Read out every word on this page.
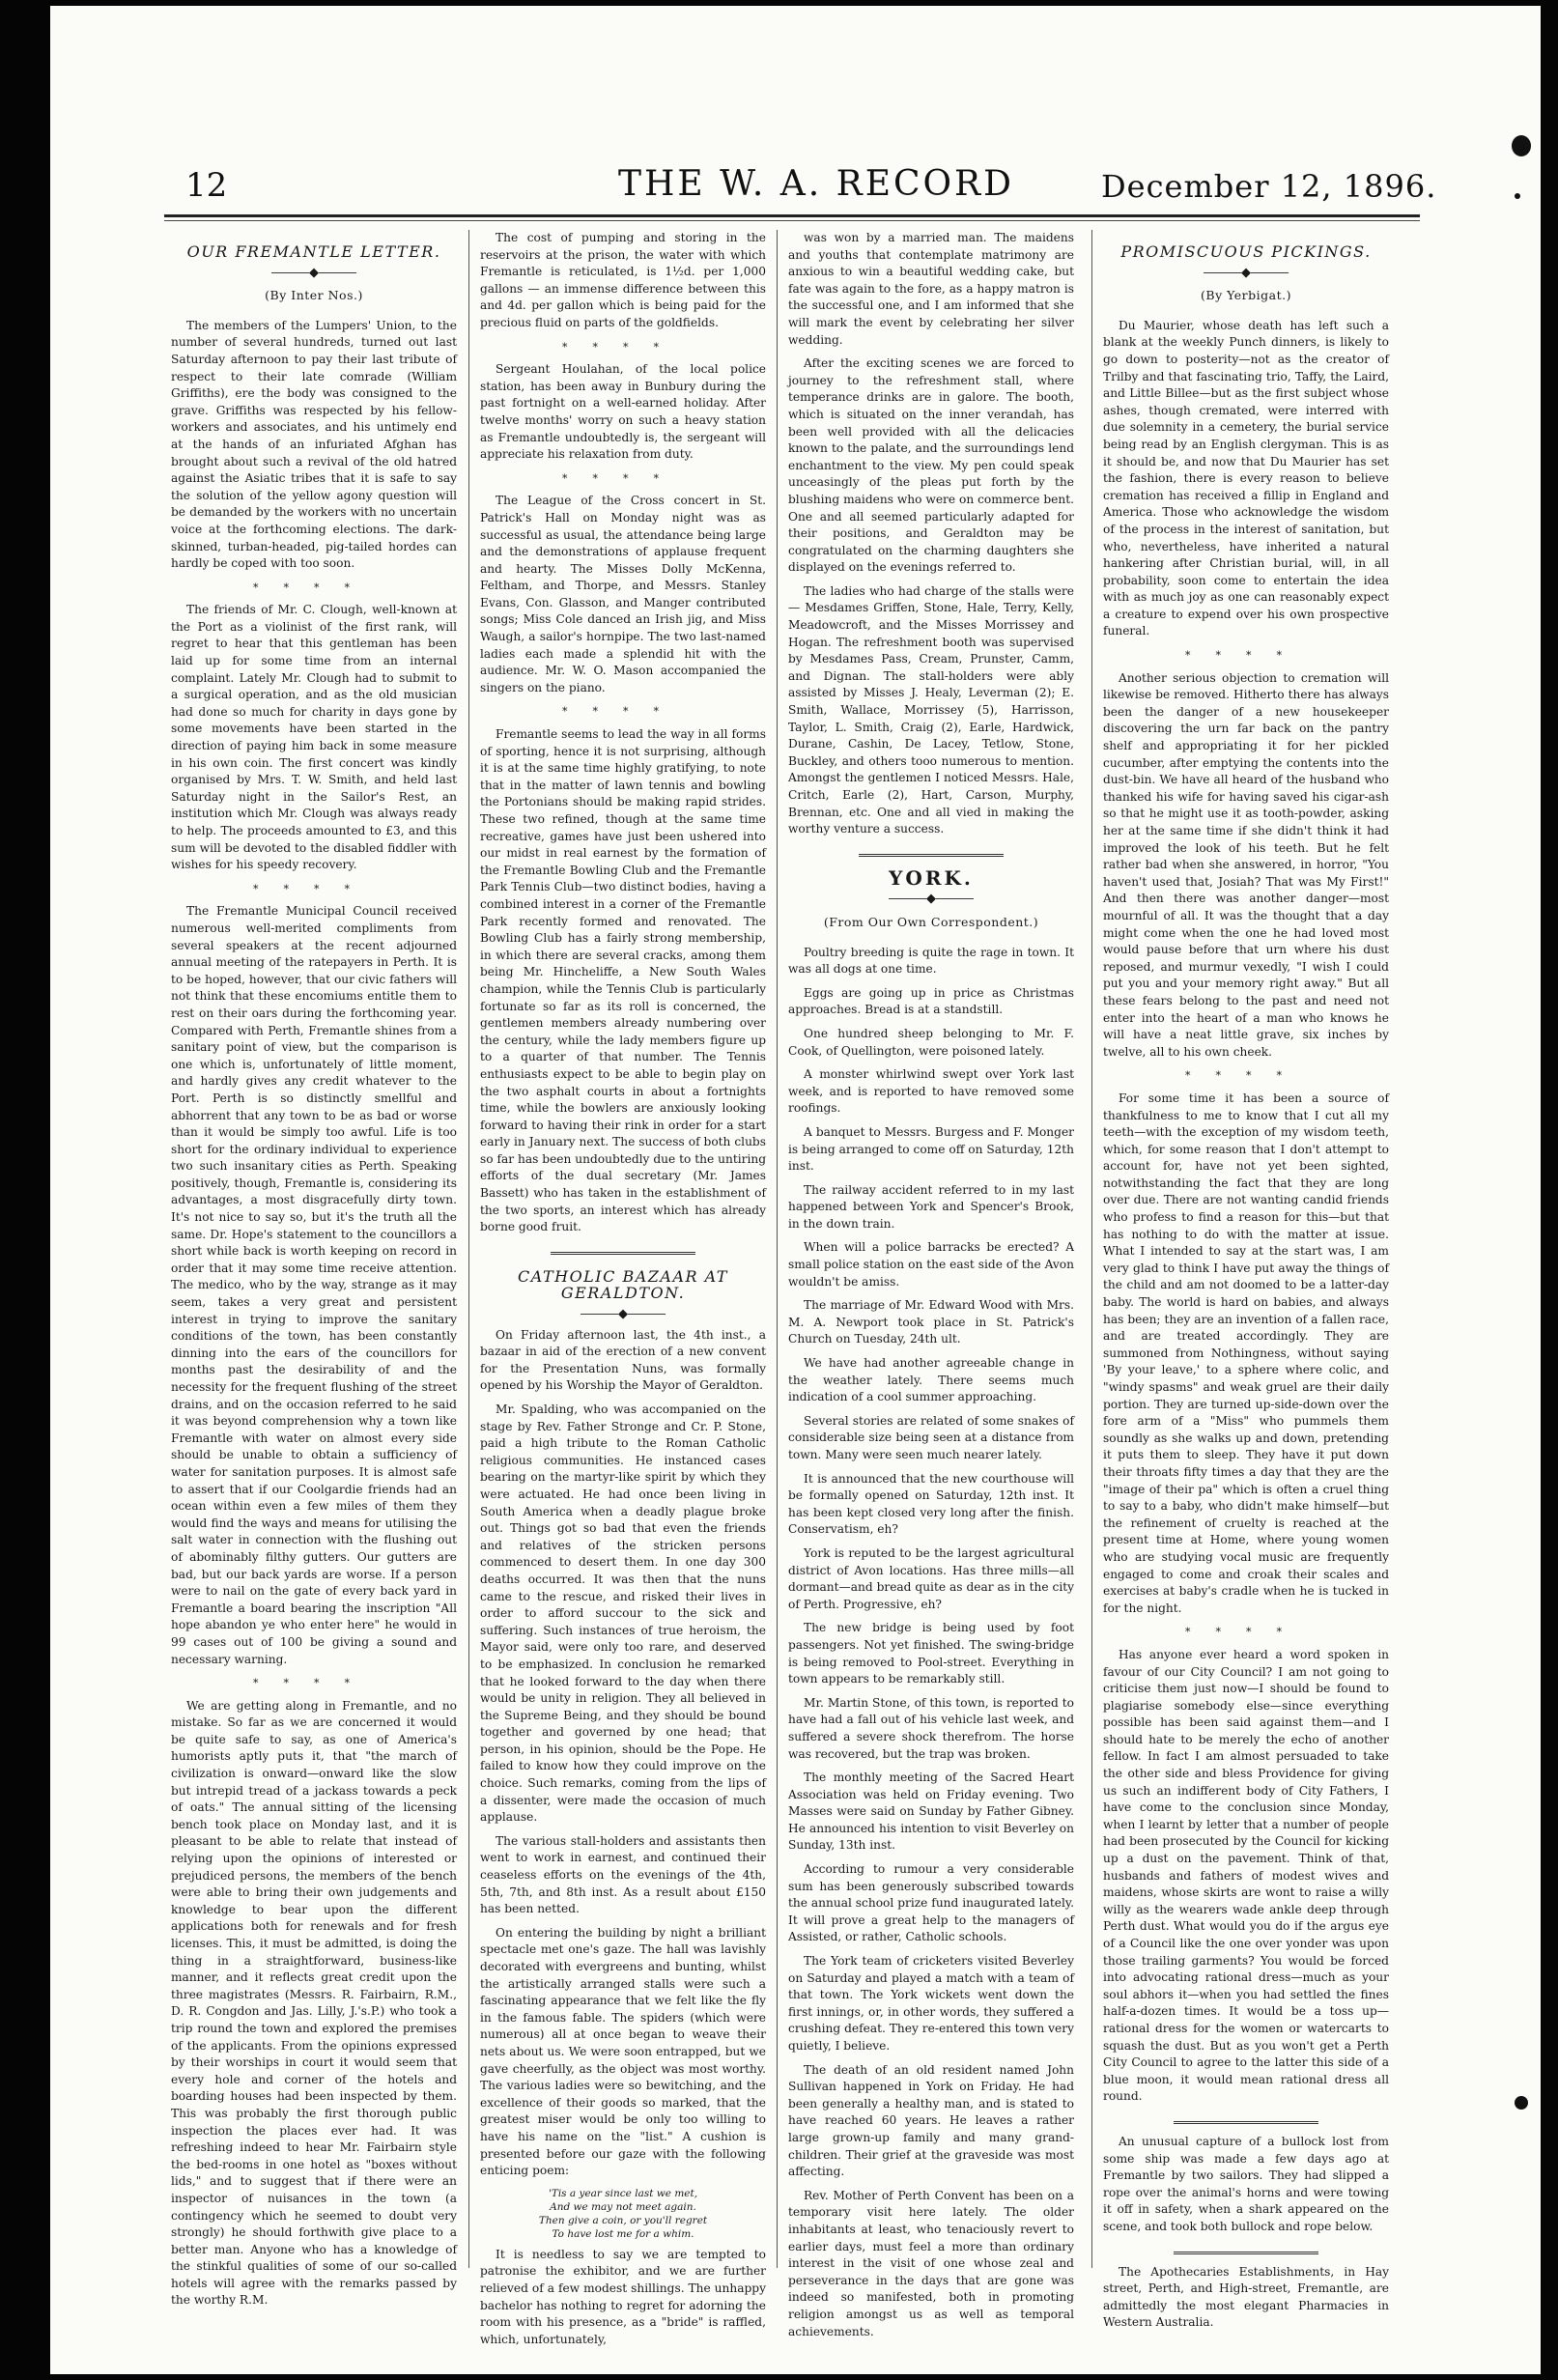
12	THE W. A. RECORD	December 12, 1896.
OUR FREMANTLE LETTER.
―――◆―――
(By Inter Nos.)

The members of the Lumpers' Union, to the number of several hundreds, turned out last Saturday afternoon to pay their last tribute of respect to their late comrade (William Griffiths), ere the body was consigned to the grave. Griffiths was respected by his fellow-workers and associates, and his untimely end at the hands of an infuriated Afghan has brought about such a revival of the old hatred against the Asiatic tribes that it is safe to say the solution of the yellow agony question will be demanded by the workers with no uncertain voice at the forthcoming elections. The dark-skinned, turban-headed, pig-tailed hordes can hardly be coped with too soon.

****

The friends of Mr. C. Clough, well-known at the Port as a violinist of the first rank, will regret to hear that this gentleman has been laid up for some time from an internal complaint. Lately Mr. Clough had to submit to a surgical operation, and as the old musician had done so much for charity in days gone by some movements have been started in the direction of paying him back in some measure in his own coin. The first concert was kindly organised by Mrs. T. W. Smith, and held last Saturday night in the Sailor's Rest, an institution which Mr. Clough was always ready to help. The proceeds amounted to £3, and this sum will be devoted to the disabled fiddler with wishes for his speedy recovery.

****

The Fremantle Municipal Council received numerous well-merited compliments from several speakers at the recent adjourned annual meeting of the ratepayers in Perth. It is to be hoped, however, that our civic fathers will not think that these encomiums entitle them to rest on their oars during the forthcoming year. Compared with Perth, Fremantle shines from a sanitary point of view, but the comparison is one which is, unfortunately of little moment, and hardly gives any credit whatever to the Port. Perth is so distinctly smellful and abhorrent that any town to be as bad or worse than it would be simply too awful. Life is too short for the ordinary individual to experience two such insanitary cities as Perth. Speaking positively, though, Fremantle is, considering its advantages, a most disgracefully dirty town. It's not nice to say so, but it's the truth all the same. Dr. Hope's statement to the councillors a short while back is worth keeping on record in order that it may some time receive attention. The medico, who by the way, strange as it may seem, takes a very great and persistent interest in trying to improve the sanitary conditions of the town, has been constantly dinning into the ears of the councillors for months past the desirability of and the necessity for the frequent flushing of the street drains, and on the occasion referred to he said it was beyond comprehension why a town like Fremantle with water on almost every side should be unable to obtain a sufficiency of water for sanitation purposes. It is almost safe to assert that if our Coolgardie friends had an ocean within even a few miles of them they would find the ways and means for utilising the salt water in connection with the flushing out of abominably filthy gutters. Our gutters are bad, but our back yards are worse. If a person were to nail on the gate of every back yard in Fremantle a board bearing the inscription "All hope abandon ye who enter here" he would in 99 cases out of 100 be giving a sound and necessary warning.

****

We are getting along in Fremantle, and no mistake. So far as we are concerned it would be quite safe to say, as one of America's humorists aptly puts it, that "the march of civilization is onward—onward like the slow but intrepid tread of a jackass towards a peck of oats." The annual sitting of the licensing bench took place on Monday last, and it is pleasant to be able to relate that instead of relying upon the opinions of interested or prejudiced persons, the members of the bench were able to bring their own judgements and knowledge to bear upon the different applications both for renewals and for fresh licenses. This, it must be admitted, is doing the thing in a straightforward, business-like manner, and it reflects great credit upon the three magistrates (Messrs. R. Fairbairn, R.M., D. R. Congdon and Jas. Lilly, J.'s.P.) who took a trip round the town and explored the premises of the applicants. From the opinions expressed by their worships in court it would seem that every hole and corner of the hotels and boarding houses had been inspected by them. This was probably the first thorough public inspection the places ever had. It was refreshing indeed to hear Mr. Fairbairn style the bed-rooms in one hotel as "boxes without lids," and to suggest that if there were an inspector of nuisances in the town (a contingency which he seemed to doubt very strongly) he should forthwith give place to a better man. Anyone who has a knowledge of the stinkful qualities of some of our so-called hotels will agree with the remarks passed by the worthy R.M.

The cost of pumping and storing in the reservoirs at the prison, the water with which Fremantle is reticulated, is 1½d. per 1,000 gallons — an immense difference between this and 4d. per gallon which is being paid for the precious fluid on parts of the goldfields.

****

Sergeant Houlahan, of the local police station, has been away in Bunbury during the past fortnight on a well-earned holiday. After twelve months' worry on such a heavy station as Fremantle undoubtedly is, the sergeant will appreciate his relaxation from duty.

****

The League of the Cross concert in St. Patrick's Hall on Monday night was as successful as usual, the attendance being large and the demonstrations of applause frequent and hearty. The Misses Dolly McKenna, Feltham, and Thorpe, and Messrs. Stanley Evans, Con. Glasson, and Manger contributed songs; Miss Cole danced an Irish jig, and Miss Waugh, a sailor's hornpipe. The two last-named ladies each made a splendid hit with the audience. Mr. W. O. Mason accompanied the singers on the piano.

****

Fremantle seems to lead the way in all forms of sporting, hence it is not surprising, although it is at the same time highly gratifying, to note that in the matter of lawn tennis and bowling the Portonians should be making rapid strides. These two refined, though at the same time recreative, games have just been ushered into our midst in real earnest by the formation of the Fremantle Bowling Club and the Fremantle Park Tennis Club—two distinct bodies, having a combined interest in a corner of the Fremantle Park recently formed and renovated. The Bowling Club has a fairly strong membership, in which there are several cracks, among them being Mr. Hincheliffe, a New South Wales champion, while the Tennis Club is particularly fortunate so far as its roll is concerned, the gentlemen members already numbering over the century, while the lady members figure up to a quarter of that number. The Tennis enthusiasts expect to be able to begin play on the two asphalt courts in about a fortnights time, while the bowlers are anxiously looking forward to having their rink in order for a start early in January next. The success of both clubs so far has been undoubtedly due to the untiring efforts of the dual secretary (Mr. James Bassett) who has taken in the establishment of the two sports, an interest which has already borne good fruit.

CATHOLIC BAZAAR AT GERALDTON.
―――◆―――

On Friday afternoon last, the 4th inst., a bazaar in aid of the erection of a new convent for the Presentation Nuns, was formally opened by his Worship the Mayor of Geraldton.

Mr. Spalding, who was accompanied on the stage by Rev. Father Stronge and Cr. P. Stone, paid a high tribute to the Roman Catholic religious communities. He instanced cases bearing on the martyr-like spirit by which they were actuated. He had once been living in South America when a deadly plague broke out. Things got so bad that even the friends and relatives of the stricken persons commenced to desert them. In one day 300 deaths occurred. It was then that the nuns came to the rescue, and risked their lives in order to afford succour to the sick and suffering. Such instances of true heroism, the Mayor said, were only too rare, and deserved to be emphasized. In conclusion he remarked that he looked forward to the day when there would be unity in religion. They all believed in the Supreme Being, and they should be bound together and governed by one head; that person, in his opinion, should be the Pope. He failed to know how they could improve on the choice. Such remarks, coming from the lips of a dissenter, were made the occasion of much applause.

The various stall-holders and assistants then went to work in earnest, and continued their ceaseless efforts on the evenings of the 4th, 5th, 7th, and 8th inst. As a result about £150 has been netted.

On entering the building by night a brilliant spectacle met one's gaze. The hall was lavishly decorated with evergreens and bunting, whilst the artistically arranged stalls were such a fascinating appearance that we felt like the fly in the famous fable. The spiders (which were numerous) all at once began to weave their nets about us. We were soon entrapped, but we gave cheerfully, as the object was most worthy. The various ladies were so bewitching, and the excellence of their goods so marked, that the greatest miser would be only too willing to have his name on the "list." A cushion is presented before our gaze with the following enticing poem:

'Tis a year since last we met,
And we may not meet again.
Then give a coin, or you'll regret
To have lost me for a whim.

It is needless to say we are tempted to patronise the exhibitor, and we are further relieved of a few modest shillings. The unhappy bachelor has nothing to regret for adorning the room with his presence, as a "bride" is raffled, which, unfortunately,

was won by a married man. The maidens and youths that contemplate matrimony are anxious to win a beautiful wedding cake, but fate was again to the fore, as a happy matron is the successful one, and I am informed that she will mark the event by celebrating her silver wedding.

After the exciting scenes we are forced to journey to the refreshment stall, where temperance drinks are in galore. The booth, which is situated on the inner verandah, has been well provided with all the delicacies known to the palate, and the surroundings lend enchantment to the view. My pen could speak unceasingly of the pleas put forth by the blushing maidens who were on commerce bent. One and all seemed particularly adapted for their positions, and Geraldton may be congratulated on the charming daughters she displayed on the evenings referred to.

The ladies who had charge of the stalls were — Mesdames Griffen, Stone, Hale, Terry, Kelly, Meadowcroft, and the Misses Morrissey and Hogan. The refreshment booth was supervised by Mesdames Pass, Cream, Prunster, Camm, and Dignan. The stall-holders were ably assisted by Misses J. Healy, Leverman (2); E. Smith, Wallace, Morrissey (5), Harrisson, Taylor, L. Smith, Craig (2), Earle, Hardwick, Durane, Cashin, De Lacey, Tetlow, Stone, Buckley, and others tooo numerous to mention. Amongst the gentlemen I noticed Messrs. Hale, Critch, Earle (2), Hart, Carson, Murphy, Brennan, etc. One and all vied in making the worthy venture a success.

YORK.
―――◆―――
(From Our Own Correspondent.)

Poultry breeding is quite the rage in town. It was all dogs at one time.

Eggs are going up in price as Christmas approaches. Bread is at a standstill.

One hundred sheep belonging to Mr. F. Cook, of Quellington, were poisoned lately.

A monster whirlwind swept over York last week, and is reported to have removed some roofings.

A banquet to Messrs. Burgess and F. Monger is being arranged to come off on Saturday, 12th inst.

The railway accident referred to in my last happened between York and Spencer's Brook, in the down train.

When will a police barracks be erected? A small police station on the east side of the Avon wouldn't be amiss.

The marriage of Mr. Edward Wood with Mrs. M. A. Newport took place in St. Patrick's Church on Tuesday, 24th ult.

We have had another agreeable change in the weather lately. There seems much indication of a cool summer approaching.

Several stories are related of some snakes of considerable size being seen at a distance from town. Many were seen much nearer lately.

It is announced that the new courthouse will be formally opened on Saturday, 12th inst. It has been kept closed very long after the finish. Conservatism, eh?

York is reputed to be the largest agricultural district of Avon locations. Has three mills—all dormant—and bread quite as dear as in the city of Perth. Progressive, eh?

The new bridge is being used by foot passengers. Not yet finished. The swing-bridge is being removed to Pool-street. Everything in town appears to be remarkably still.

Mr. Martin Stone, of this town, is reported to have had a fall out of his vehicle last week, and suffered a severe shock therefrom. The horse was recovered, but the trap was broken.

The monthly meeting of the Sacred Heart Association was held on Friday evening. Two Masses were said on Sunday by Father Gibney. He announced his intention to visit Beverley on Sunday, 13th inst.

According to rumour a very considerable sum has been generously subscribed towards the annual school prize fund inaugurated lately. It will prove a great help to the managers of Assisted, or rather, Catholic schools.

The York team of cricketers visited Beverley on Saturday and played a match with a team of that town. The York wickets went down the first innings, or, in other words, they suffered a crushing defeat. They re-entered this town very quietly, I believe.

The death of an old resident named John Sullivan happened in York on Friday. He had been generally a healthy man, and is stated to have reached 60 years. He leaves a rather large grown-up family and many grand-children. Their grief at the graveside was most affecting.

Rev. Mother of Perth Convent has been on a temporary visit here lately. The older inhabitants at least, who tenaciously revert to earlier days, must feel a more than ordinary interest in the visit of one whose zeal and perseverance in the days that are gone was indeed so manifested, both in promoting religion amongst us as well as temporal achievements.

PROMISCUOUS PICKINGS.
―――◆―――
(By Yerbigat.)

Du Maurier, whose death has left such a blank at the weekly Punch dinners, is likely to go down to posterity—not as the creator of Trilby and that fascinating trio, Taffy, the Laird, and Little Billee—but as the first subject whose ashes, though cremated, were interred with due solemnity in a cemetery, the burial service being read by an English clergyman. This is as it should be, and now that Du Maurier has set the fashion, there is every reason to believe cremation has received a fillip in England and America. Those who acknowledge the wisdom of the process in the interest of sanitation, but who, nevertheless, have inherited a natural hankering after Christian burial, will, in all probability, soon come to entertain the idea with as much joy as one can reasonably expect a creature to expend over his own prospective funeral.

****

Another serious objection to cremation will likewise be removed. Hitherto there has always been the danger of a new housekeeper discovering the urn far back on the pantry shelf and appropriating it for her pickled cucumber, after emptying the contents into the dust-bin. We have all heard of the husband who thanked his wife for having saved his cigar-ash so that he might use it as tooth-powder, asking her at the same time if she didn't think it had improved the look of his teeth. But he felt rather bad when she answered, in horror, "You haven't used that, Josiah? That was My First!" And then there was another danger—most mournful of all. It was the thought that a day might come when the one he had loved most would pause before that urn where his dust reposed, and murmur vexedly, "I wish I could put you and your memory right away." But all these fears belong to the past and need not enter into the heart of a man who knows he will have a neat little grave, six inches by twelve, all to his own cheek.

****

For some time it has been a source of thankfulness to me to know that I cut all my teeth—with the exception of my wisdom teeth, which, for some reason that I don't attempt to account for, have not yet been sighted, notwithstanding the fact that they are long over due. There are not wanting candid friends who profess to find a reason for this—but that has nothing to do with the matter at issue. What I intended to say at the start was, I am very glad to think I have put away the things of the child and am not doomed to be a latter-day baby. The world is hard on babies, and always has been; they are an invention of a fallen race, and are treated accordingly. They are summoned from Nothingness, without saying 'By your leave,' to a sphere where colic, and "windy spasms" and weak gruel are their daily portion. They are turned up-side-down over the fore arm of a "Miss" who pummels them soundly as she walks up and down, pretending it puts them to sleep. They have it put down their throats fifty times a day that they are the "image of their pa" which is often a cruel thing to say to a baby, who didn't make himself—but the refinement of cruelty is reached at the present time at Home, where young women who are studying vocal music are frequently engaged to come and croak their scales and exercises at baby's cradle when he is tucked in for the night.

****

Has anyone ever heard a word spoken in favour of our City Council? I am not going to criticise them just now—I should be found to plagiarise somebody else—since everything possible has been said against them—and I should hate to be merely the echo of another fellow. In fact I am almost persuaded to take the other side and bless Providence for giving us such an indifferent body of City Fathers, I have come to the conclusion since Monday, when I learnt by letter that a number of people had been prosecuted by the Council for kicking up a dust on the pavement. Think of that, husbands and fathers of modest wives and maidens, whose skirts are wont to raise a willy willy as the wearers wade ankle deep through Perth dust. What would you do if the argus eye of a Council like the one over yonder was upon those trailing garments? You would be forced into advocating rational dress—much as your soul abhors it—when you had settled the fines half-a-dozen times. It would be a toss up—rational dress for the women or watercarts to squash the dust. But as you won't get a Perth City Council to agree to the latter this side of a blue moon, it would mean rational dress all round.

An unusual capture of a bullock lost from some ship was made a few days ago at Fremantle by two sailors. They had slipped a rope over the animal's horns and were towing it off in safety, when a shark appeared on the scene, and took both bullock and rope below.

The Apothecaries Establishments, in Hay street, Perth, and High-street, Fremantle, are admittedly the most elegant Pharmacies in Western Australia.
